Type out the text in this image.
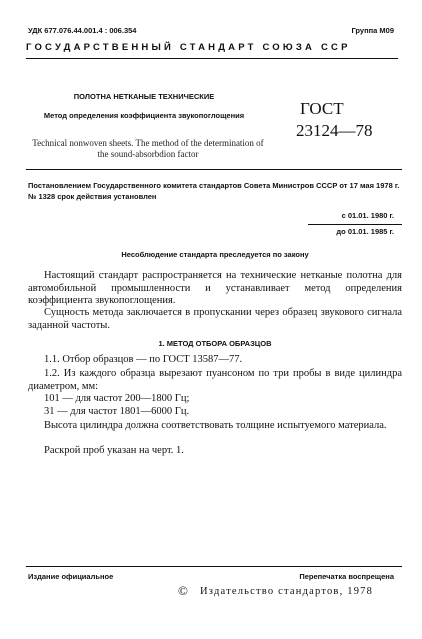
УДК 677.076.44.001.4 : 006.354	Группа М09
ГОСУДАРСТВЕННЫЙ СТАНДАРТ СОЮЗА ССР
ПОЛОТНА НЕТКАНЫЕ ТЕХНИЧЕСКИЕ
Метод определения коэффициента звукопоглощения
Technical nonwoven sheets. The method of the determination of the sound-absorbdion factor
ГОСТ
23124—78
Постановлением Государственного комитета стандартов Совета Министров СССР от 17 мая 1978 г. № 1328 срок действия установлен
с 01.01. 1980 г.
до 01.01. 1985 г.
Несоблюдение стандарта преследуется по закону
Настоящий стандарт распространяется на технические нетканые полотна для автомобильной промышленности и устанавливает метод определения коэффициента звукопоглощения.
Сущность метода заключается в пропускании через образец звукового сигнала заданной частоты.
1. МЕТОД ОТБОРА ОБРАЗЦОВ
1.1. Отбор образцов — по ГОСТ 13587—77.
1.2. Из каждого образца вырезают пуансоном по три пробы в виде цилиндра диаметром, мм:
101 — для частот 200—1800 Гц;
31 — для частот 1801—6000 Гц.
Высота цилиндра должна соответствовать толщине испытуемого материала.
Раскрой проб указан на черт. 1.
Издание официальное	Перепечатка воспрещена
© Издательство стандартов, 1978
